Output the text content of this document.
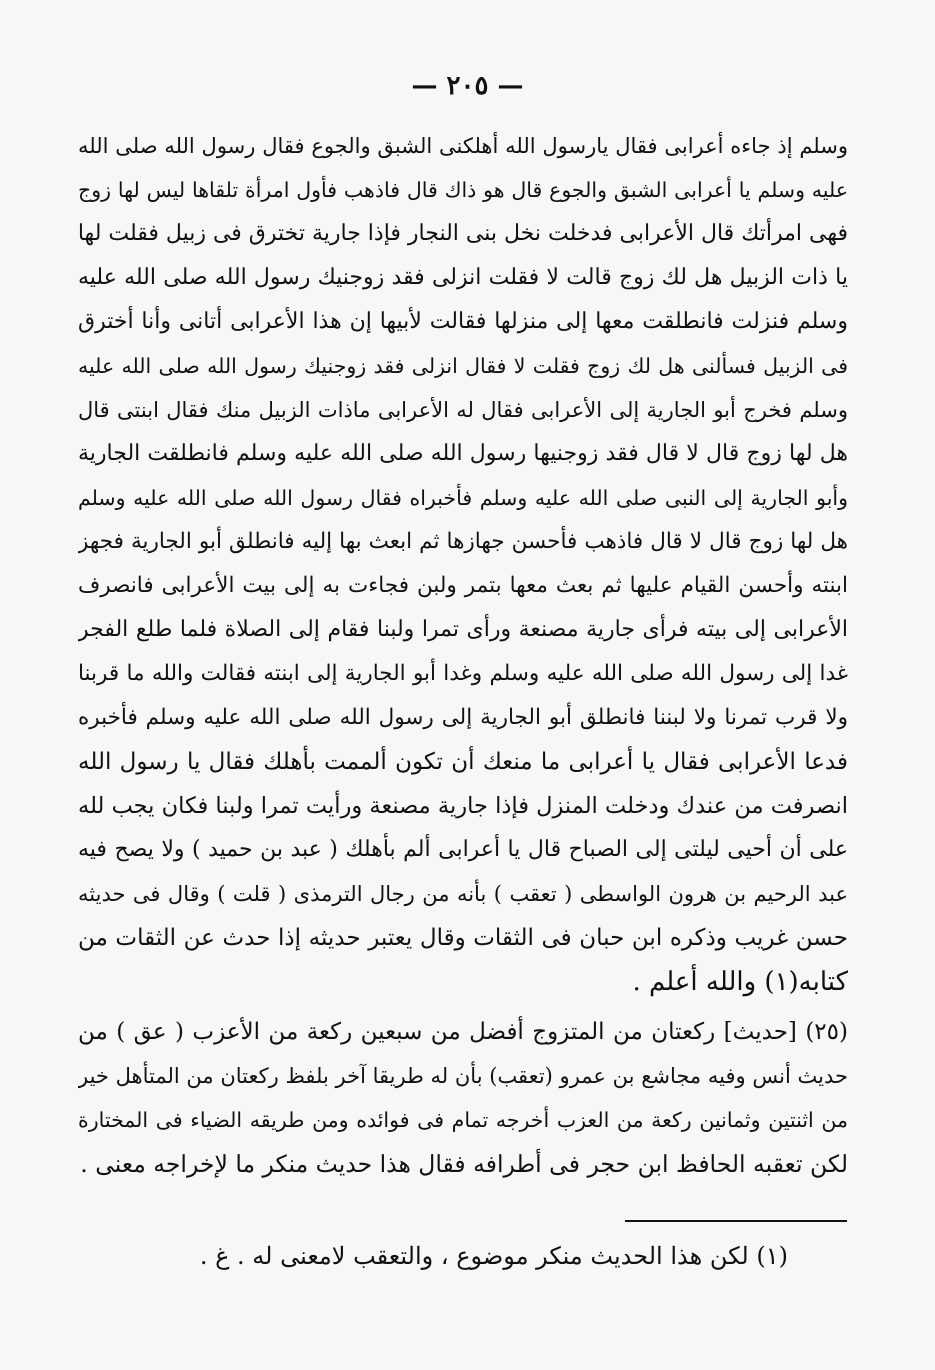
— ٢٠٥ —
وسلم إذ جاءه أعرابى فقال يارسول الله أهلكنى الشبق والجوع فقال رسول الله صلى الله
عليه وسلم يا أعرابى الشبق والجوع قال هو ذاك قال فاذهب فأول امرأة تلقاها ليس لها زوج
فهى امرأتك قال الأعرابى فدخلت نخل بنى النجار فإذا جارية تخترق فى زبيل فقلت لها
يا ذات الزبيل هل لك زوج قالت لا فقلت انزلى فقد زوجنيك رسول الله صلى الله عليه
وسلم فنزلت فانطلقت معها إلى منزلها فقالت لأبيها إن هذا الأعرابى أتانى وأنا أخترق
فى الزبيل فسألنى هل لك زوج فقلت لا فقال انزلى فقد زوجنيك رسول الله صلى الله عليه
وسلم فخرج أبو الجارية إلى الأعرابى فقال له الأعرابى ماذات الزبيل منك فقال ابنتى قال
هل لها زوج قال لا قال فقد زوجنيها رسول الله صلى الله عليه وسلم فانطلقت الجارية
وأبو الجارية إلى النبى صلى الله عليه وسلم فأخبراه فقال رسول الله صلى الله عليه وسلم
هل لها زوج قال لا قال فاذهب فأحسن جهازها ثم ابعث بها إليه فانطلق أبو الجارية فجهز
ابنته وأحسن القيام عليها ثم بعث معها بتمر ولبن فجاءت به إلى بيت الأعرابى فانصرف
الأعرابى إلى بيته فرأى جارية مصنعة ورأى تمرا ولبنا فقام إلى الصلاة فلما طلع الفجر
غدا إلى رسول الله صلى الله عليه وسلم وغدا أبو الجارية إلى ابنته فقالت والله ما قربنا
ولا قرب تمرنا ولا لبننا فانطلق أبو الجارية إلى رسول الله صلى الله عليه وسلم فأخبره
فدعا الأعرابى فقال يا أعرابى ما منعك أن تكون ألممت بأهلك فقال يا رسول الله
انصرفت من عندك ودخلت المنزل فإذا جارية مصنعة ورأيت تمرا ولبنا فكان يجب لله
على أن أحيى ليلتى إلى الصباح قال يا أعرابى ألم بأهلك ( عبد بن حميد ) ولا يصح فيه
عبد الرحيم بن هرون الواسطى ( تعقب ) بأنه من رجال الترمذى ( قلت ) وقال فى حديثه
حسن غريب وذكره ابن حبان فى الثقات وقال يعتبر حديثه إذا حدث عن الثقات من
كتابه(١) والله أعلم .
(٢٥) [حديث] ركعتان من المتزوج أفضل من سبعين ركعة من الأعزب ( عق ) من
حديث أنس وفيه مجاشع بن عمرو (تعقب) بأن له طريقا آخر بلفظ ركعتان من المتأهل خير
من اثنتين وثمانين ركعة من العزب أخرجه تمام فى فوائده ومن طريقه الضياء فى المختارة
لكن تعقبه الحافظ ابن حجر فى أطرافه فقال هذا حديث منكر ما لإخراجه معنى .
(١) لكن هذا الحديث منكر موضوع ، والتعقب لامعنى له . غ .
